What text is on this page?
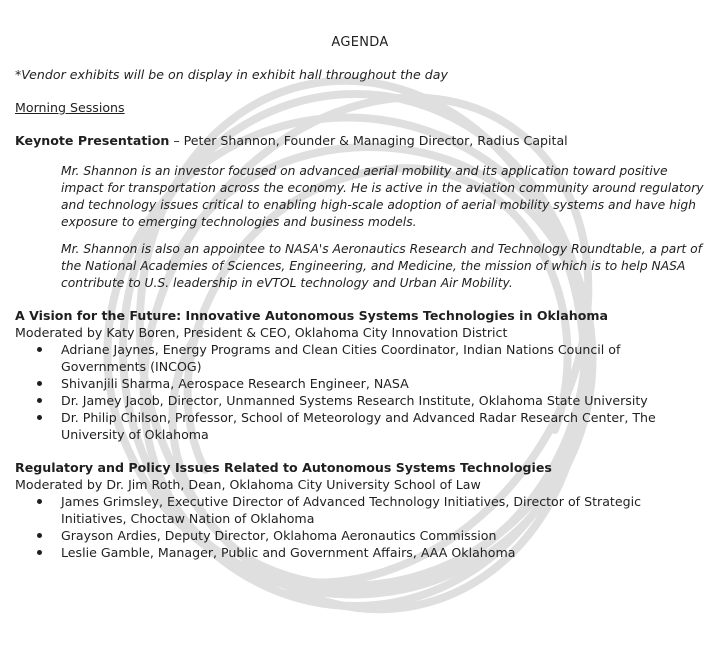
AGENDA
*Vendor exhibits will be on display in exhibit hall throughout the day
Morning Sessions
Keynote Presentation – Peter Shannon, Founder & Managing Director, Radius Capital
Mr. Shannon is an investor focused on advanced aerial mobility and its application toward positive impact for transportation across the economy. He is active in the aviation community around regulatory and technology issues critical to enabling high-scale adoption of aerial mobility systems and have high exposure to emerging technologies and business models.
Mr. Shannon is also an appointee to NASA's Aeronautics Research and Technology Roundtable, a part of the National Academies of Sciences, Engineering, and Medicine, the mission of which is to help NASA contribute to U.S. leadership in eVTOL technology and Urban Air Mobility.
A Vision for the Future: Innovative Autonomous Systems Technologies in Oklahoma
Moderated by Katy Boren, President & CEO, Oklahoma City Innovation District
Adriane Jaynes, Energy Programs and Clean Cities Coordinator, Indian Nations Council of Governments (INCOG)
Shivanjili Sharma, Aerospace Research Engineer, NASA
Dr. Jamey Jacob, Director, Unmanned Systems Research Institute, Oklahoma State University
Dr. Philip Chilson, Professor, School of Meteorology and Advanced Radar Research Center, The University of Oklahoma
Regulatory and Policy Issues Related to Autonomous Systems Technologies
Moderated by Dr. Jim Roth, Dean, Oklahoma City University School of Law
James Grimsley, Executive Director of Advanced Technology Initiatives, Director of Strategic Initiatives, Choctaw Nation of Oklahoma
Grayson Ardies, Deputy Director, Oklahoma Aeronautics Commission
Leslie Gamble, Manager, Public and Government Affairs, AAA Oklahoma
